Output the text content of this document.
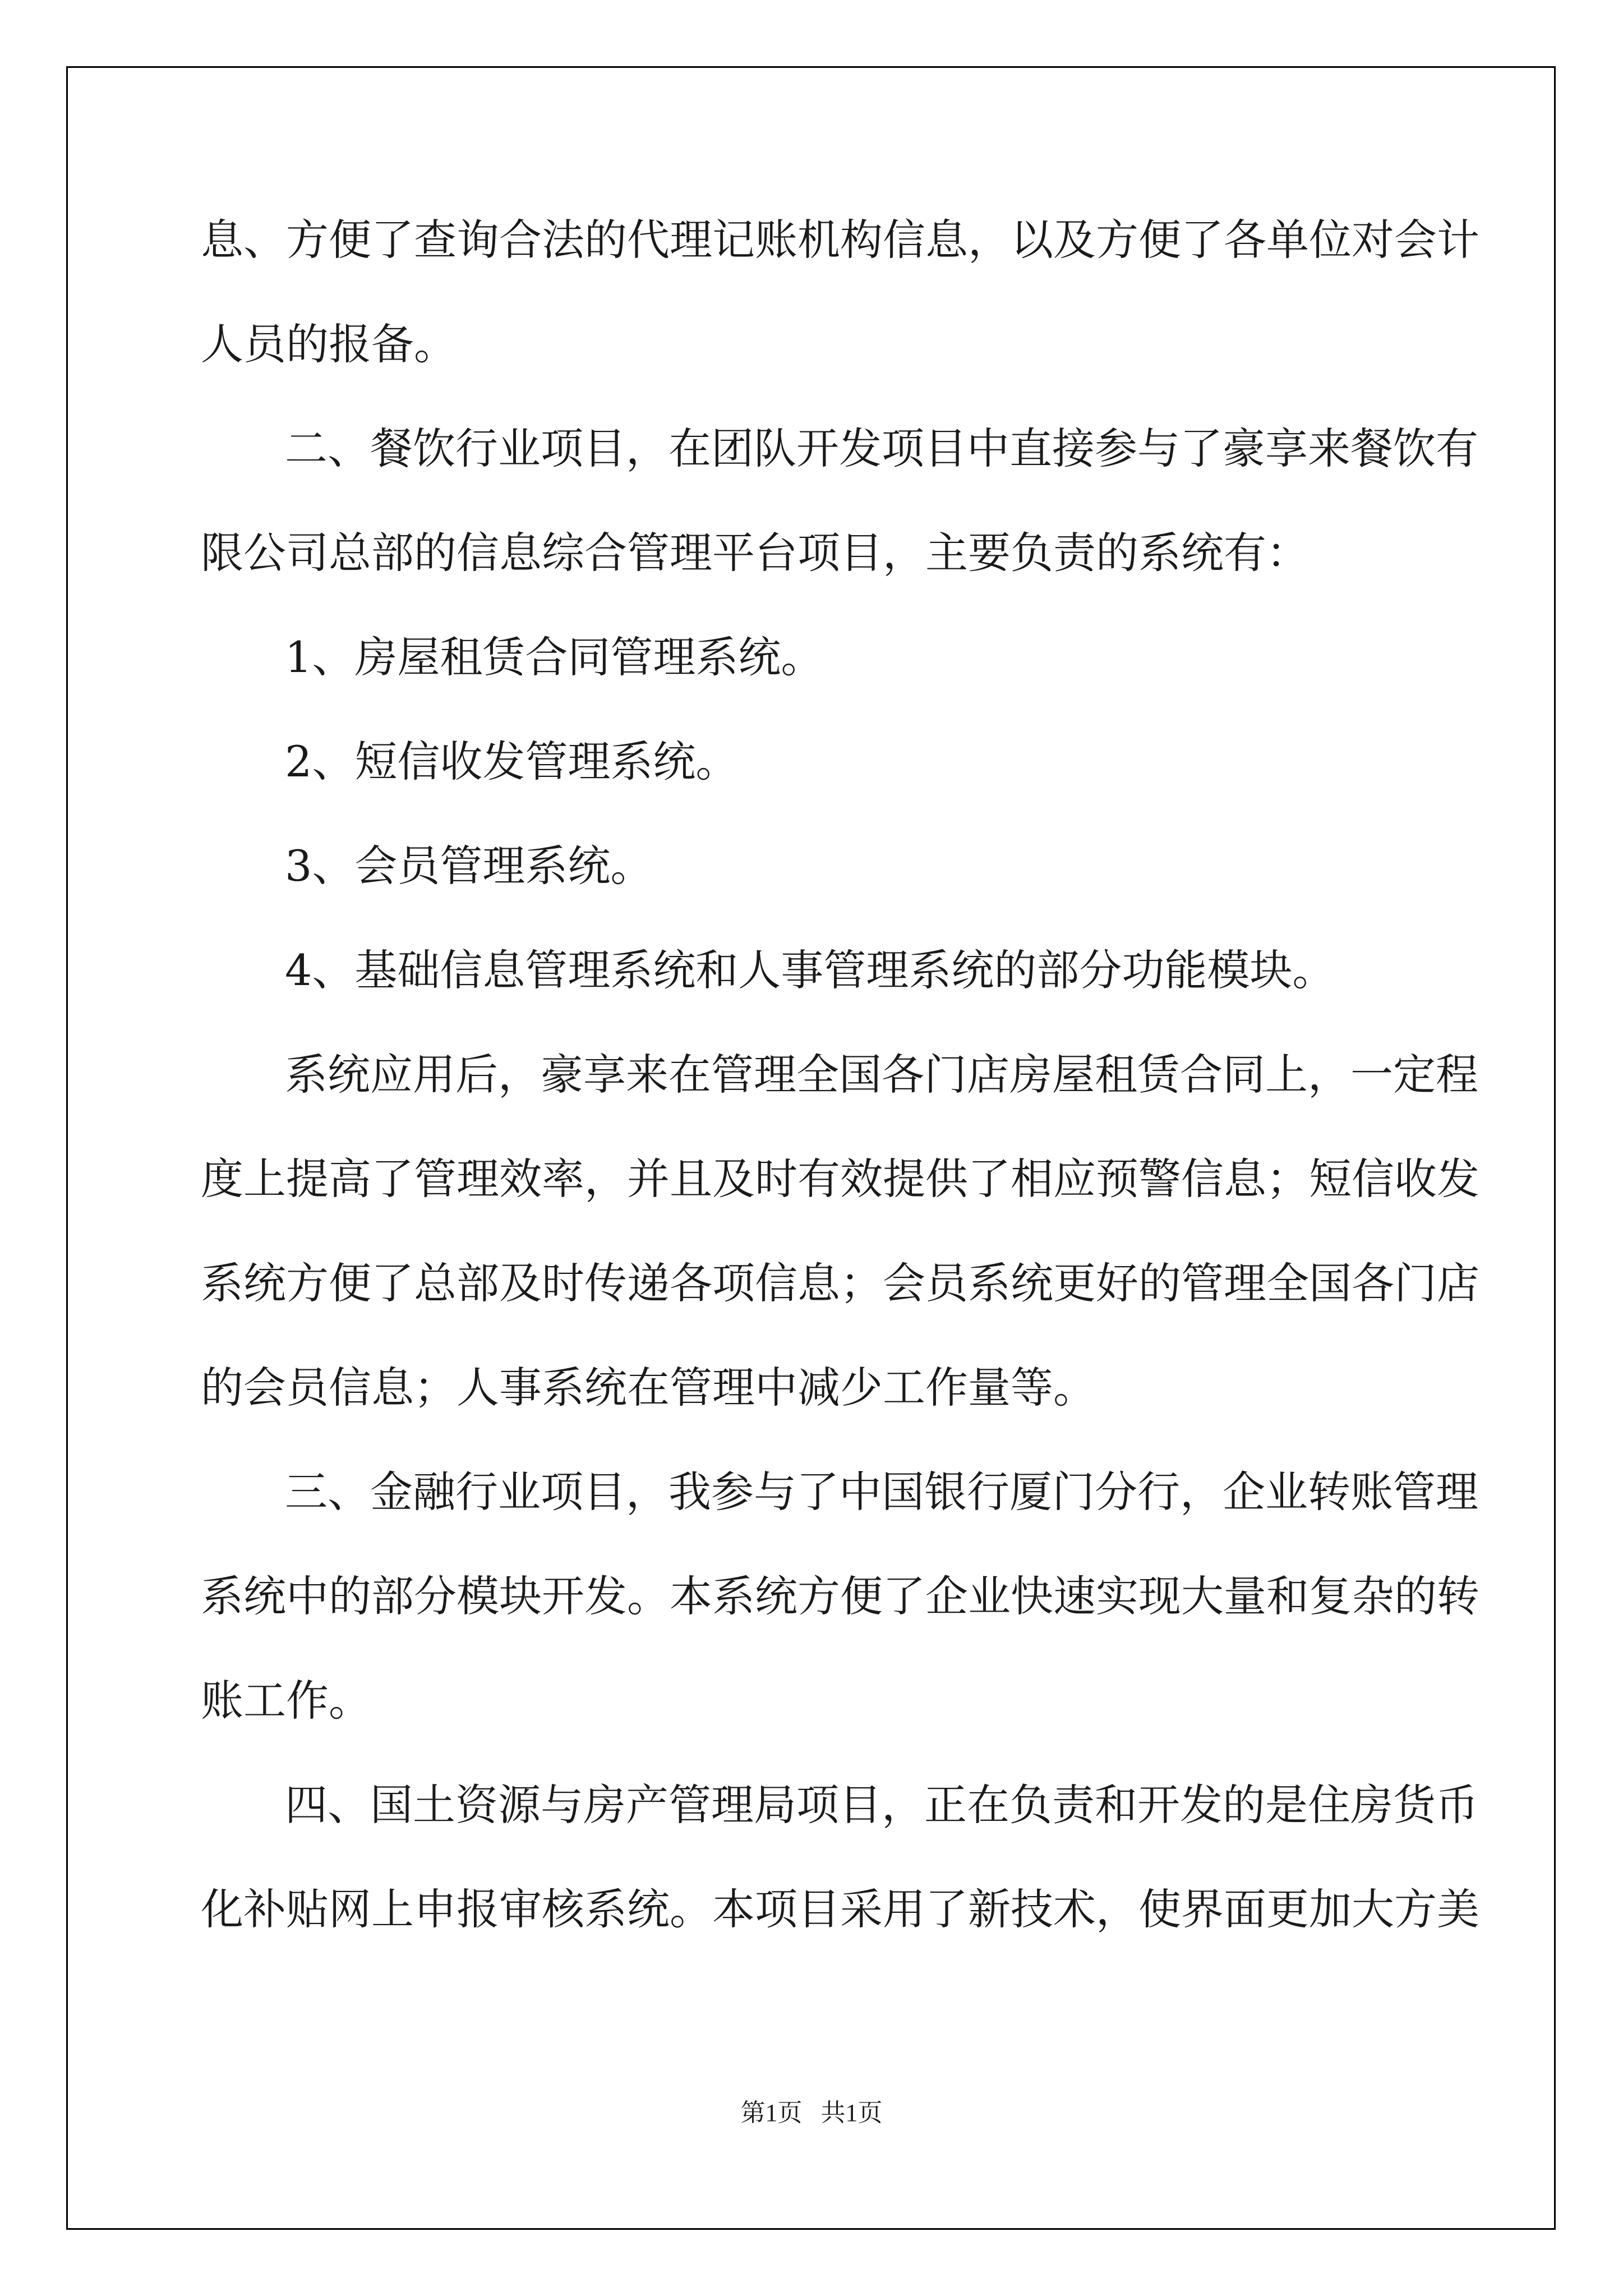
息、方便了查询合法的代理记账机构信息，以及方便了各单位对会计
人员的报备。
二、餐饮行业项目，在团队开发项目中直接参与了豪享来餐饮有
限公司总部的信息综合管理平台项目，主要负责的系统有：
1、房屋租赁合同管理系统。
2、短信收发管理系统。
3、会员管理系统。
4、基础信息管理系统和人事管理系统的部分功能模块。
系统应用后，豪享来在管理全国各门店房屋租赁合同上，一定程
度上提高了管理效率，并且及时有效提供了相应预警信息；短信收发
系统方便了总部及时传递各项信息；会员系统更好的管理全国各门店
的会员信息；人事系统在管理中减少工作量等。
三、金融行业项目，我参与了中国银行厦门分行，企业转账管理
系统中的部分模块开发。本系统方便了企业快速实现大量和复杂的转
账工作。
四、国土资源与房产管理局项目，正在负责和开发的是住房货币
化补贴网上申报审核系统。本项目采用了新技术，使界面更加大方美
第1页   共1页
